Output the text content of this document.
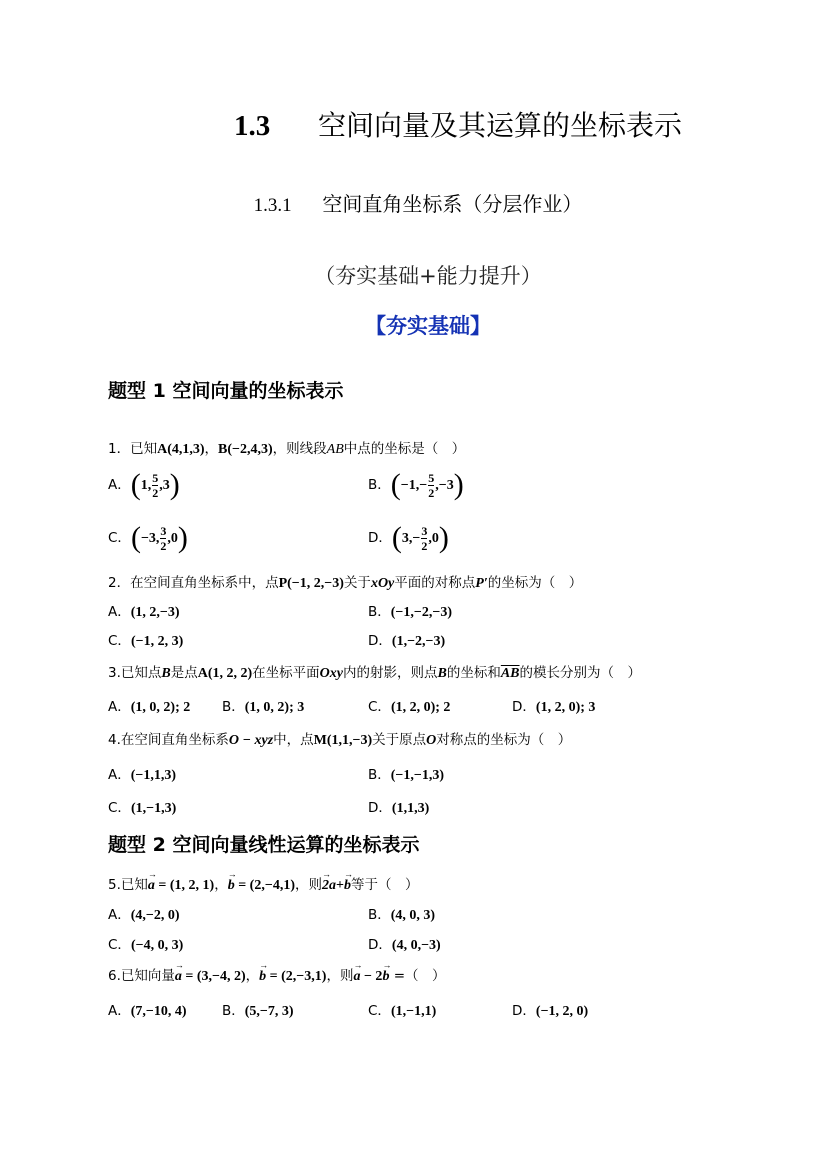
1.3 空间向量及其运算的坐标表示
1.3.1 空间直角坐标系（分层作业）
（夯实基础+能力提升）
【夯实基础】
题型 1 空间向量的坐标表示
1．已知A(4,1,3)，B(−2,4,3)，则线段AB中点的坐标是（　）
A．(1, $\frac{5}{2} ,3$)	B．$(-1,- \frac{5}{2} ,-3)$
C．(−3, $\frac{3}{2} ,0$)	D．$(3,- \frac{3}{2} ,0)$
2．在空间直角坐标系中，点P(−1, 2,−3)关于xOy平面的对称点P′的坐标为（　）
A．(1, 2,−3)	B．(−1,−2,−3)
C．(−1, 2, 3)	D．(1,−2,−3)
3.已知点B是点A(1, 2, 2)在坐标平面Oxy内的射影，则点B的坐标和$\overline{AB}$的模长分别为（　）
A．(1, 0, 2); 2 B．(1, 0, 2); 3	C．(1, 2, 0); 2	D．(1, 2, 0); 3
4.在空间直角坐标系O − xyz中，点M(1,1,−3)关于原点O对称点的坐标为（　）
A．(−1,1,3)	B．(−1,−1,3)
C．(1,−1,3)	D．(1,1,3)
题型 2 空间向量线性运算的坐标表示
5.已知→ a = (1, 2, 1)，→ b = (2,−4,1)，则→ 2a+→ b等于（　）
A．(4,−2, 0)	B．(4, 0, 3)
C．(−4, 0, 3)	D．(4, 0,−3)
6.已知向量→ a = (3,−4, 2)，→ b = (2,−3,1)，则→ a − 2→ b =（　）
A．(7,−10, 4)	B．(5,−7, 3)	C．(1,−1,1)	D．(−1, 2, 0)
